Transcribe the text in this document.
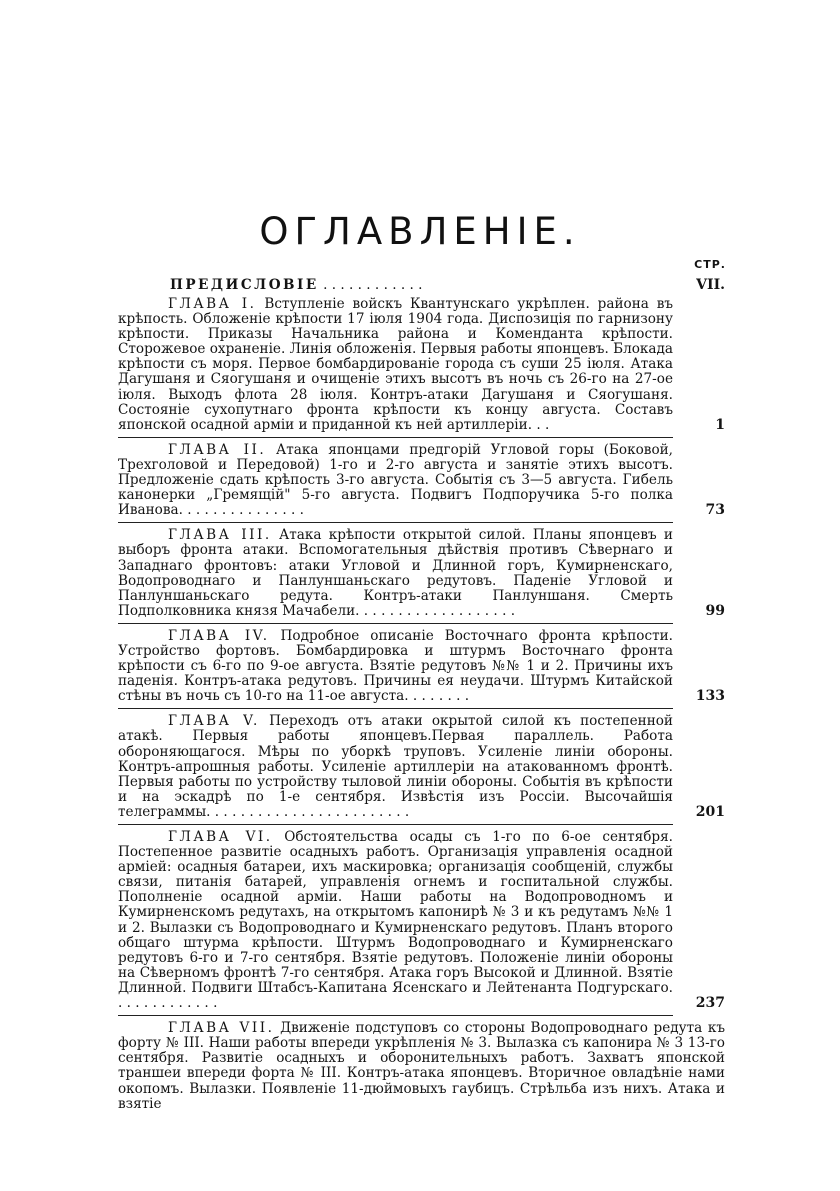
ОГЛАВЛЕНІЕ.
СТР.
ПРЕДИСЛОВІЕ . . . . . . . . . . . .	VII.
ГЛАВА I. Вступленіе войскъ Квантунскаго укрѣплен. района въ крѣпость. Обложеніе крѣпости 17 іюля 1904 года. Диспозиція по гарнизону крѣпости. Приказы Начальника района и Коменданта крѣпости. Сторожевое охраненіе. Линія обложенія. Первыя работы японцевъ. Блокада крѣпости съ моря. Первое бомбардированіе города съ суши 25 іюля. Атака Дагушаня и Сяогушаня и очищеніе этихъ высотъ въ ночь съ 26-го на 27-ое іюля. Выходъ флота 28 іюля. Контръ-атаки Дагушаня и Сяогушаня. Состояніе сухопутнаго фронта крѣпости къ концу августа. Составъ японской осадной арміи и приданной къ ней артиллеріи. . .	1
ГЛАВА II. Атака японцами предгорій Угловой горы (Боковой, Трехголовой и Передовой) 1-го и 2-го августа и занятіе этихъ высотъ. Предложеніе сдать крѣпость 3-го августа. Событія съ 3—5 августа. Гибель канонерки „Гремящій" 5-го августа. Подвигъ Подпоручика 5-го полка Иванова. . . . . . . . . . . . . . .	73
ГЛАВА III. Атака крѣпости открытой силой. Планы японцевъ и выборъ фронта атаки. Вспомогательныя дѣйствія противъ Сѣвернаго и Западнаго фронтовъ: атаки Угловой и Длинной горъ, Кумирненскаго, Водопроводнаго и Панлуншаньскаго редутовъ. Паденіе Угловой и Панлуншаньскаго редута. Контръ-атаки Панлуншаня. Смерть Подполковника князя Мачабели. . . . . . . . . . . . . . . . . . .	99
ГЛАВА IV. Подробное описаніе Восточнаго фронта крѣпости. Устройство фортовъ. Бомбардировка и штурмъ Восточнаго фронта крѣпости съ 6-го по 9-ое августа. Взятіе редутовъ №№ 1 и 2. Причины ихъ паденія. Контръ-атака редутовъ. Причины ея неудачи. Штурмъ Китайской стѣны въ ночь съ 10-го на 11-ое августа. . . . . . . .	133
ГЛАВА V. Переходъ отъ атаки окрытой силой къ постепенной атакѣ. Первыя работы японцевъ.Первая параллель. Работа обороняющагося. Мѣры по уборкѣ труповъ. Усиленіе линіи обороны. Контръ-апрошныя работы. Усиленіе артиллеріи на атакованномъ фронтѣ. Первыя работы по устройству тыловой линіи обороны. Событія въ крѣпости и на эскадрѣ по 1-е сентября. Извѣстія изъ Россіи. Высочайшія телеграммы. . . . . . . . . . . . . . . . . . . . . . . .	201
ГЛАВА VI. Обстоятельства осады съ 1-го по 6-ое сентября. Постепенное развитіе осадныхъ работъ. Организація управленія осадной арміей: осадныя батареи, ихъ маскировка; организація сообщеній, службы связи, питанія батарей, управленія огнемъ и госпитальной службы. Пополненіе осадной арміи. Наши работы на Водопроводномъ и Кумирненскомъ редутахъ, на открытомъ капонирѣ № 3 и къ редутамъ №№ 1 и 2. Вылазки съ Водопроводнаго и Кумирненскаго редутовъ. Планъ второго общаго штурма крѣпости. Штурмъ Водопроводнаго и Кумирненскаго редутовъ 6-го и 7-го сентября. Взятіе редутовъ. Положеніе линіи обороны на Сѣверномъ фронтѣ 7-го сентября. Атака горъ Высокой и Длинной. Взятіе Длинной. Подвиги Штабсъ-Капитана Ясенскаго и Лейтенанта Подгурскаго. . . . . . . . . . . . .	237
ГЛАВА VII. Движеніе подступовъ со стороны Водопроводнаго редута къ форту № III. Наши работы впереди укрѣпленія № 3. Вылазка съ капонира № 3 13-го сентября. Развитіе осадныхъ и оборонительныхъ работъ. Захватъ японской траншеи впереди форта № III. Контръ-атака японцевъ. Вторичное овладѣніе нами окопомъ. Вылазки. Появленіе 11-дюймовыхъ гаубицъ. Стрѣльба изъ нихъ. Атака и взятіе
